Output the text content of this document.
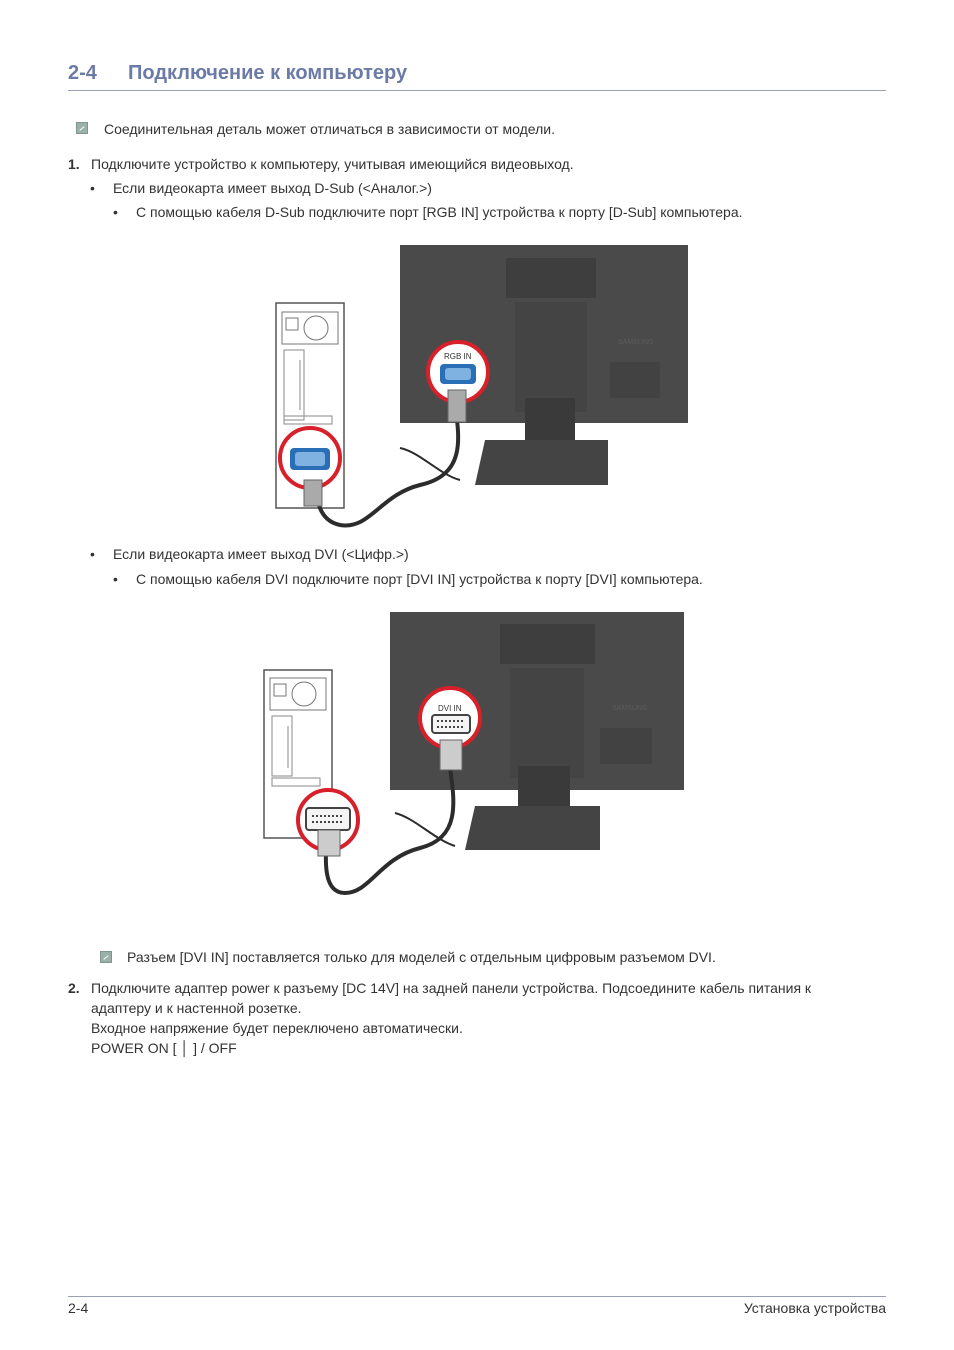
2-4 Подключение к компьютеру
Соединительная деталь может отличаться в зависимости от модели.
1. Подключите устройство к компьютеру, учитывая имеющийся видеовыход.
• Если видеокарта имеет выход D-Sub (<Аналог.>)
• С помощью кабеля D-Sub подключите порт [RGB IN] устройства к порту [D-Sub] компьютера.
SAMSUNG
RGB IN
• Если видеокарта имеет выход DVI (<Цифр.>)
• С помощью кабеля DVI подключите порт [DVI IN] устройства к порту [DVI] компьютера.
SAMSUNG
DVI IN
Разъем [DVI IN] поставляется только для моделей с отдельным цифровым разъемом DVI.
2. Подключите адаптер power к разъему [DC 14V] на задней панели устройства. Подсоедините кабель питания к
адаптеру и к настенной розетке.
Входное напряжение будет переключено автоматически.
POWER ON [ │ ] / OFF
2-4	Установка устройства
